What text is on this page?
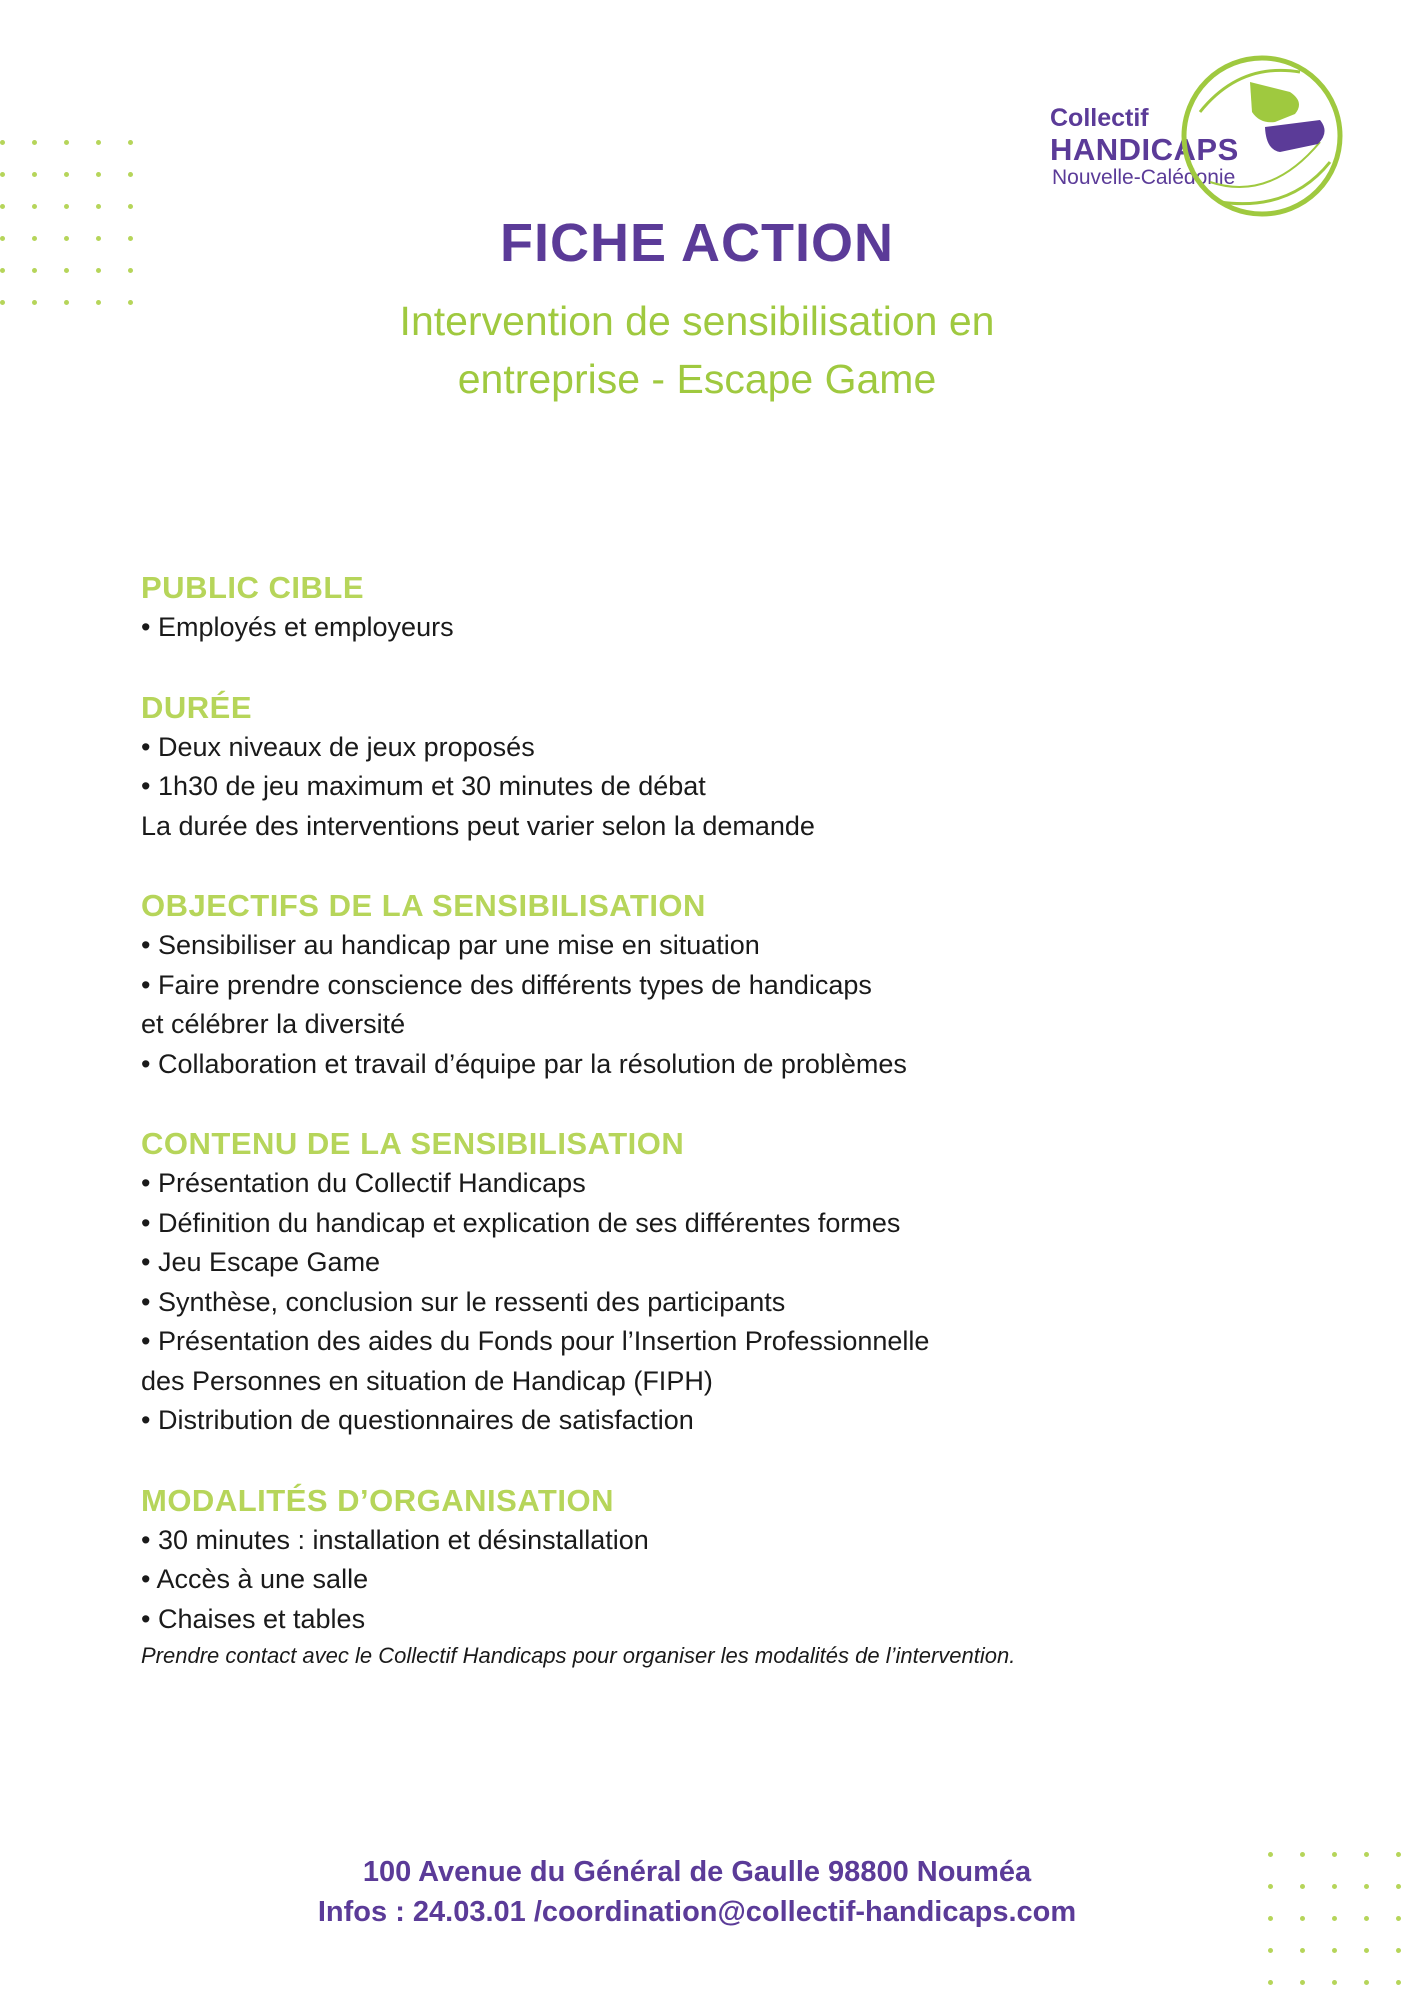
Collectif
HANDICAPS
Nouvelle-Calédonie
FICHE ACTION
Intervention de sensibilisation en
entreprise - Escape Game
PUBLIC CIBLE
• Employés et employeurs
DURÉE
• Deux niveaux de jeux proposés
• 1h30 de jeu maximum et 30 minutes de débat
La durée des interventions peut varier selon la demande
OBJECTIFS DE LA SENSIBILISATION
• Sensibiliser au handicap par une mise en situation
• Faire prendre conscience des différents types de handicaps
et célébrer la diversité
• Collaboration et travail d’équipe par la résolution de problèmes
CONTENU DE LA SENSIBILISATION
• Présentation du Collectif Handicaps
• Définition du handicap et explication de ses différentes formes
• Jeu Escape Game
• Synthèse, conclusion sur le ressenti des participants
• Présentation des aides du Fonds pour l’Insertion Professionnelle
des Personnes en situation de Handicap (FIPH)
• Distribution de questionnaires de satisfaction
MODALITÉS D’ORGANISATION
• 30 minutes : installation et désinstallation
• Accès à une salle
• Chaises et tables
Prendre contact avec le Collectif Handicaps pour organiser les modalités de l’intervention.
100 Avenue du Général de Gaulle 98800 Nouméa
Infos : 24.03.01 /coordination@collectif-handicaps.com
